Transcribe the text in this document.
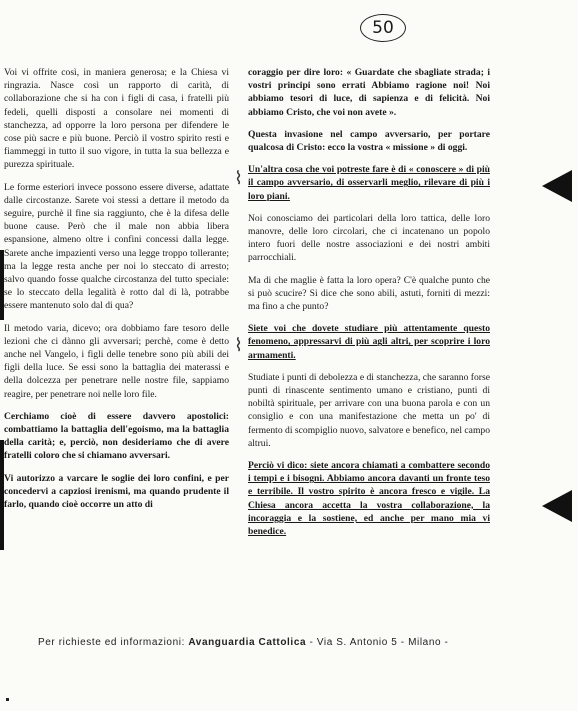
50

Voi vi offrite così, in maniera generosa; e la Chiesa vi ringrazia. Nasce così un rapporto di carità, di collaborazione che si ha con i figli di casa, i fratelli più fedeli, quelli disposti a consolare nei momenti di stanchezza, ad opporre la loro persona per difendere le cose più sacre e più buone. Perciò il vostro spirito resti e fiammeggi in tutto il suo vigore, in tutta la sua bellezza e purezza spirituale.

Le forme esteriori invece possono essere diverse, adattate dalle circostanze. Sarete voi stessi a dettare il metodo da seguire, purchè il fine sia raggiunto, che è la difesa delle buone cause. Però che il male non abbia libera espansione, almeno oltre i confini concessi dalla legge. Sarete anche impazienti verso una legge troppo tollerante; ma la legge resta anche per noi lo steccato di arresto; salvo quando fosse qualche circostanza del tutto speciale: se lo steccato della legalità è rotto dal di là, potrabbe essere mantenuto solo dal di qua?

Il metodo varia, dicevo; ora dobbiamo fare tesoro delle lezioni che ci dànno gli avversari; perchè, come è detto anche nel Vangelo, i figli delle tenebre sono più abili dei figli della luce. Se essi sono la battaglia dei materassi e della dolcezza per penetrare nelle nostre file, sappiamo reagire, per penetrare noi nelle loro file.

Cerchiamo cioè di essere davvero apostolici: combattiamo la battaglia dell'egoismo, ma la battaglia della carità; e, perciò, non desideriamo che di avere fratelli coloro che si chiamano avversari.

Vi autorizzo a varcare le soglie dei loro confini, e per concedervi a capziosi irenismi, ma quando prudente il farlo, quando cioè occorre un atto di

coraggio per dire loro: « Guardate che sbagliate strada; i vostri principi sono errati Abbiamo ragione noi! Noi abbiamo tesori di luce, di sapienza e di felicità. Noi abbiamo Cristo, che voi non avete ».

Questa invasione nel campo avversario, per portare qualcosa di Cristo: ecco la vostra « missione » di oggi.

Un'altra cosa che voi potreste fare è di « conoscere » di più il campo avversario, di osservarli meglio, rilevare di più i loro piani.

Noi conosciamo dei particolari della loro tattica, delle loro manovre, delle loro circolari, che ci incatenano un popolo intero fuori delle nostre associazioni e dei nostri ambiti parrocchiali.

Ma di che maglie è fatta la loro opera? C'è qualche punto che si può scucire? Si dice che sono abili, astuti, forniti di mezzi: ma fino a che punto?

Siete voi che dovete studiare più attentamente questo fenomeno, appressarvi di più agli altri, per scoprire i loro armamenti.

Studiate i punti di debolezza e di stanchezza, che saranno forse punti di rinascente sentimento umano e cristiano, punti di nobiltà spirituale, per arrivare con una buona parola e con un consiglio e con una manifestazione che metta un po' di fermento di scompiglio nuovo, salvatore e benefico, nel campo altrui.

Perciò vi dico: siete ancora chiamati a combattere secondo i tempi e i bisogni. Abbiamo ancora davanti un fronte teso e terribile. Il vostro spirito è ancora fresco e vigile. La Chiesa ancora accetta la vostra collaborazione, la incoraggia e la sostiene, ed anche per mano mia vi benedice.

⌇
⌇
Per richieste ed informazioni: Avanguardia Cattolica - Via S. Antonio 5 - Milano -
